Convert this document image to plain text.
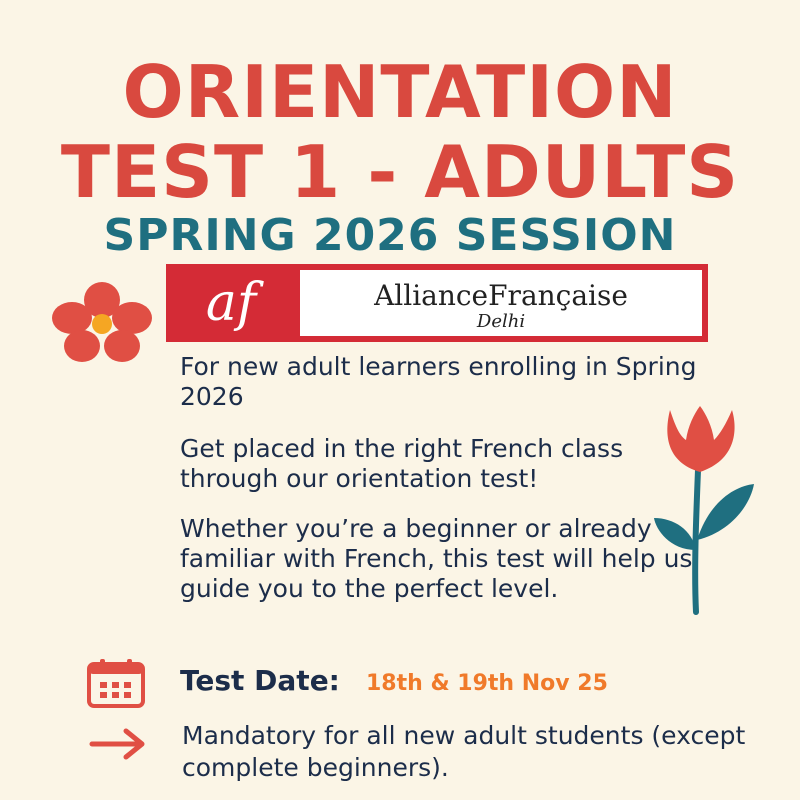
ORIENTATION
TEST 1 - ADULTS
SPRING 2026 SESSION
af	AllianceFrançaise
Delhi

For new adult learners enrolling in Spring 2026

Get placed in the right French class through our orientation test!

Whether you’re a beginner or already familiar with French, this test will help us guide you to the perfect level.

Test Date: 18th & 19th Nov 25
Mandatory for all new adult students (except complete beginners).
